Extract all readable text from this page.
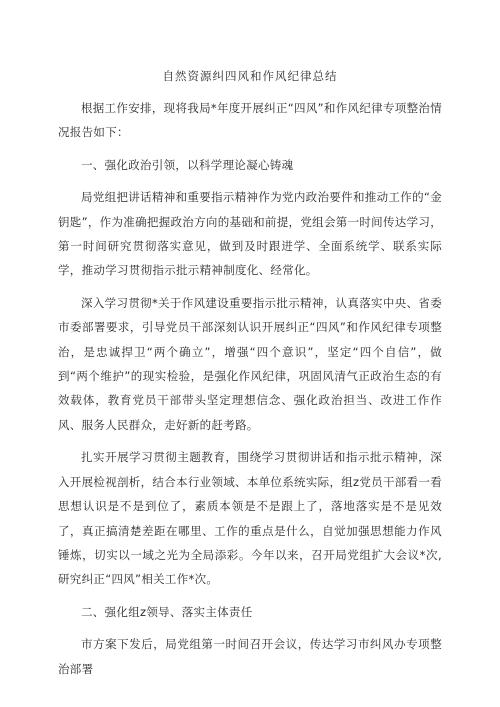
自然资源纠四风和作风纪律总结

根据工作安排，现将我局*年度开展纠正“四风”和作风纪律专项整治情况报告如下：

一、强化政治引领，以科学理论凝心铸魂

局党组把讲话精神和重要指示精神作为党内政治要件和推动工作的“金钥匙”，作为准确把握政治方向的基础和前提，党组会第一时间传达学习，第一时间研究贯彻落实意见，做到及时跟进学、全面系统学、联系实际学，推动学习贯彻指示批示精神制度化、经常化。

深入学习贯彻*关于作风建设重要指示批示精神，认真落实中央、省委市委部署要求，引导党员干部深刻认识开展纠正“四风”和作风纪律专项整治，是忠诚捍卫“两个确立”，增强“四个意识”，坚定“四个自信”，做到“两个维护”的现实检验，是强化作风纪律，巩固风清气正政治生态的有效载体，教育党员干部带头坚定理想信念、强化政治担当、改进工作作风、服务人民群众，走好新的赶考路。

扎实开展学习贯彻主题教育，围绕学习贯彻讲话和指示批示精神，深入开展检视剖析，结合本行业领域、本单位系统实际，组z党员干部看一看思想认识是不是到位了，素质本领是不是跟上了，落地落实是不是见效了，真正搞清楚差距在哪里、工作的重点是什么，自觉加强思想能力作风锤炼，切实以一域之光为全局添彩。今年以来，召开局党组扩大会议*次,研究纠正“四风”相关工作*次。

二、强化组z领导、落实主体责任

市方案下发后，局党组第一时间召开会议，传达学习市纠风办专项整治部署
